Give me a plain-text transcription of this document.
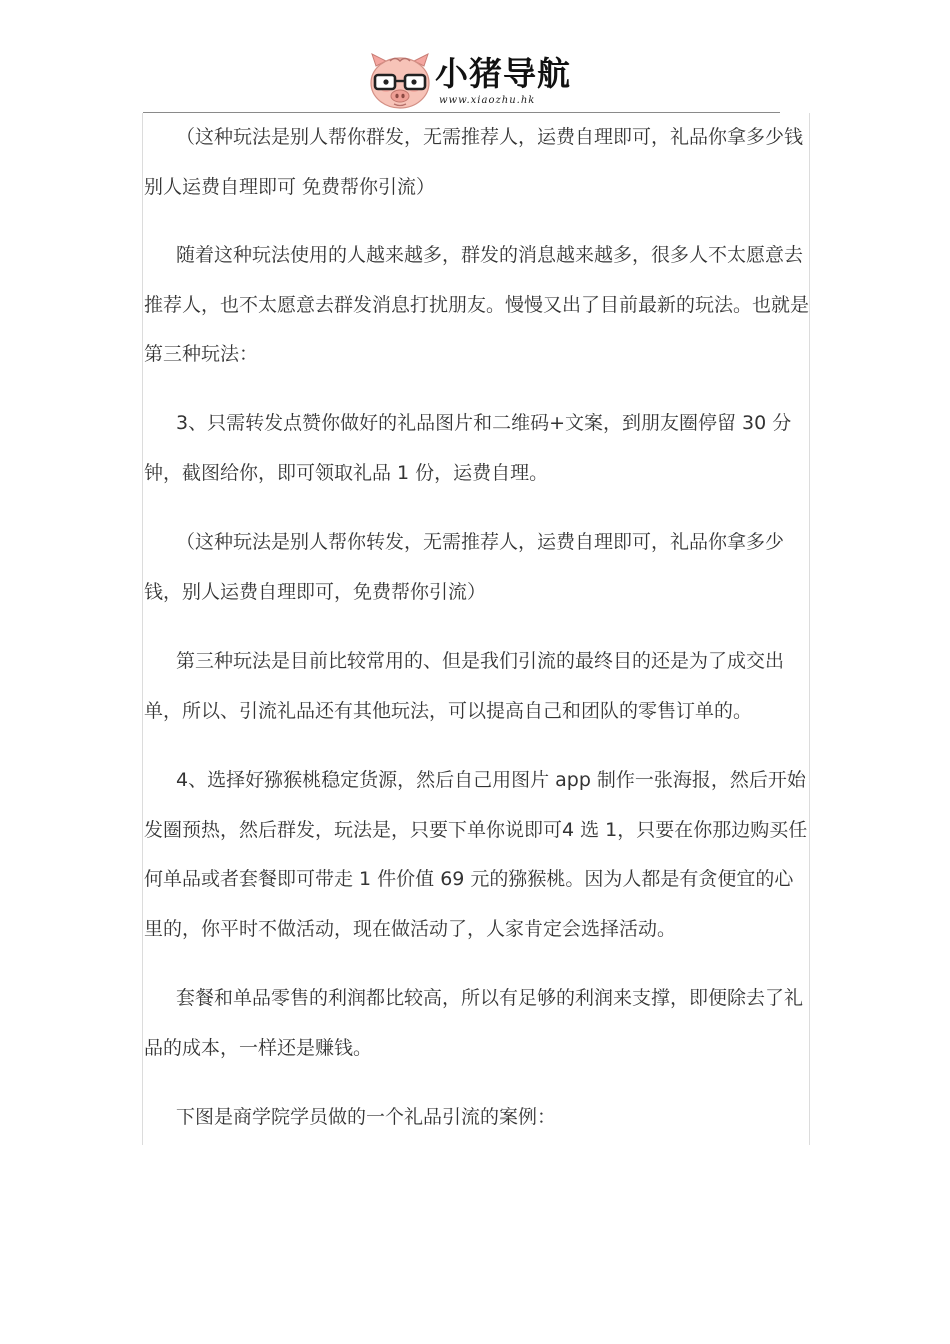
小猪导航
www.xiaozhu.hk

（这种玩法是别人帮你群发，无需推荐人，运费自理即可，礼品你拿多少钱别人运费自理即可 免费帮你引流）

随着这种玩法使用的人越来越多，群发的消息越来越多，很多人不太愿意去推荐人，也不太愿意去群发消息打扰朋友。慢慢又出了目前最新的玩法。也就是第三种玩法：

3、只需转发点赞你做好的礼品图片和二维码+文案，到朋友圈停留 30 分钟，截图给你，即可领取礼品 1 份，运费自理。

（这种玩法是别人帮你转发，无需推荐人，运费自理即可，礼品你拿多少钱，别人运费自理即可，免费帮你引流）

第三种玩法是目前比较常用的、但是我们引流的最终目的还是为了成交出单，所以、引流礼品还有其他玩法，可以提高自己和团队的零售订单的。

4、选择好猕猴桃稳定货源，然后自己用图片 app 制作一张海报，然后开始发圈预热，然后群发，玩法是，只要下单你说即可4 选 1，只要在你那边购买任何单品或者套餐即可带走 1 件价值 69 元的猕猴桃。因为人都是有贪便宜的心里的，你平时不做活动，现在做活动了，人家肯定会选择活动。

套餐和单品零售的利润都比较高，所以有足够的利润来支撑，即便除去了礼品的成本，一样还是赚钱。

下图是商学院学员做的一个礼品引流的案例：
